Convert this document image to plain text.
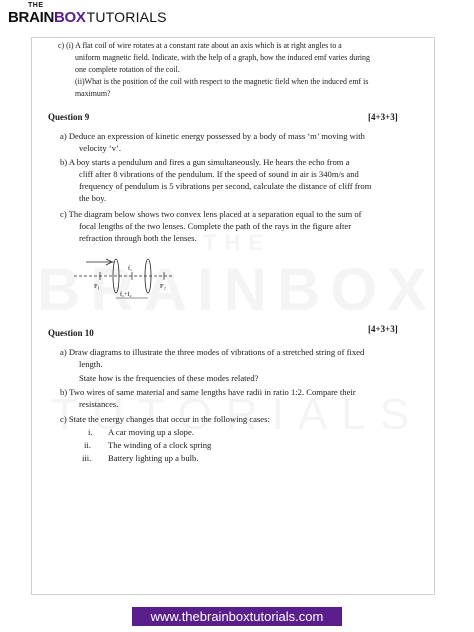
THE
BRAINBOXTUTORIALS
c) (i) A flat coil of wire rotates at a constant rate about an axis which is at right angles to a
uniform magnetic field. Indicate, with the help of a graph, how the induced emf varies during
one complete rotation of the coil.
(ii)What is the position of the coil with respect to the magnetic field when the induced emf is
maximum?
Question 9	[4+3+3]
a) Deduce an expression of kinetic energy possessed by a body of mass ‘m’ moving with
velocity ‘v’.
b) A boy starts a pendulum and fires a gun simultaneously. He hears the echo from a
cliff after 8 vibrations of the pendulum. If the speed of sound in air is 340m/s and
frequency of pendulum is 5 vibrations per second, calculate the distance of cliff from
the boy.
c) The diagram below shows two convex lens placed at a separation equal to the sum of
focal lengths of the two lenses. Complete the path of the rays in the figure after
refraction through both the lenses.
F₁
f₁
f₁+f₂
F₂
Question 10	[4+3+3]
a) Draw diagrams to illustrate the three modes of vibrations of a stretched string of fixed
length.
State how is the frequencies of these modes related?
b) Two wires of same material and same lengths have radii in ratio 1:2. Compare their
resistances.
c) State the energy changes that occur in the following cases:
i. A car moving up a slope.
ii. The winding of a clock spring
iii. Battery lighting up a bulb.
www.thebrainboxtutorials.com
